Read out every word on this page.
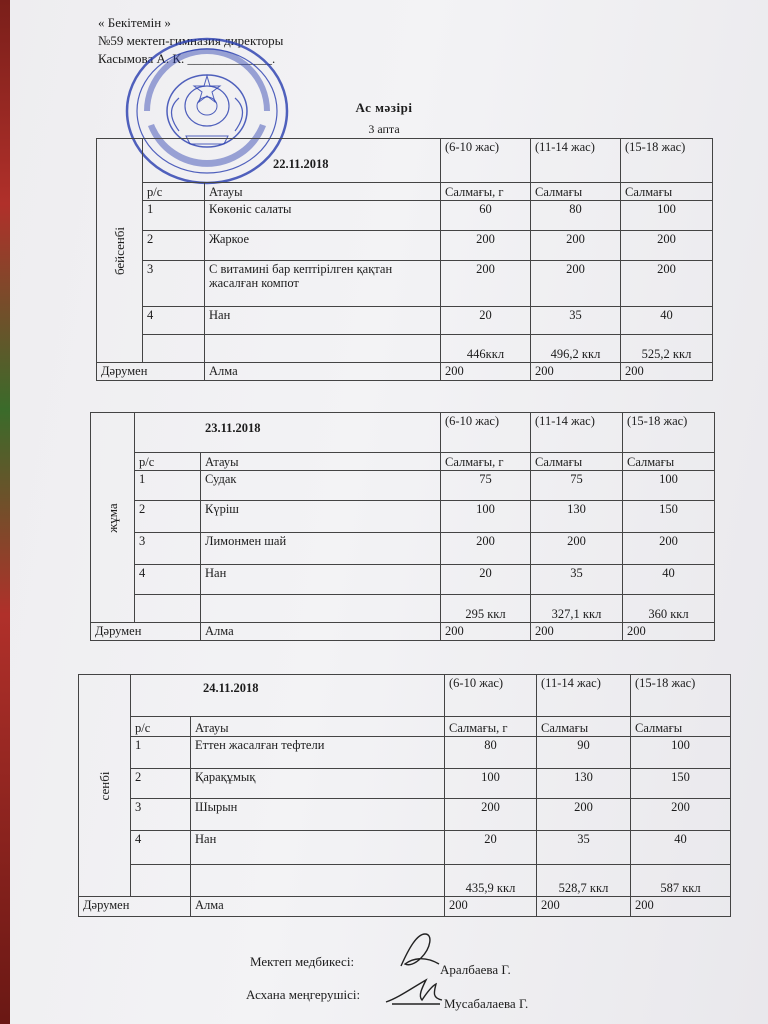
« Бекітемін »
№59 мектеп-гимназия директоры
Касымова А. К. _____________.
Ас мәзірі
3 апта
бейсенбі	22.11.2018		(6-10 жас)	(11-14 жас)	(15-18 жас)
	р/с	Атауы	Салмағы, г	Салмағы	Салмағы
	1	Көкөніс салаты	60	80	100
	2	Жаркое	200	200	200
	3	С витамині бар кептірілген қақтан жасалған компот	200	200	200
	4	Нан	20	35	40
			446ккл	496,2 ккл	525,2 ккл
Дәрумен		Алма	200	200	200
жұма	23.11.2018		(6-10 жас)	(11-14 жас)	(15-18 жас)
	р/с	Атауы	Салмағы, г	Салмағы	Салмағы
	1	Судак	75	75	100
	2	Күріш	100	130	150
	3	Лимонмен шай	200	200	200
	4	Нан	20	35	40
			295 ккл	327,1 ккл	360 ккл
Дәрумен		Алма	200	200	200
сенбі	24.11.2018		(6-10 жас)	(11-14 жас)	(15-18 жас)
	р/с	Атауы	Салмағы, г	Салмағы	Салмағы
	1	Еттен жасалған тефтели	80	90	100
	2	Қарақұмық	100	130	150
	3	Шырын	200	200	200
	4	Нан	20	35	40
			435,9 ккл	528,7 ккл	587 ккл
Дәрумен		Алма	200	200	200
Мектеп медбикесі:
Аралбаева Г.
Асхана меңгерушісі:
Мусабалаева Г.
